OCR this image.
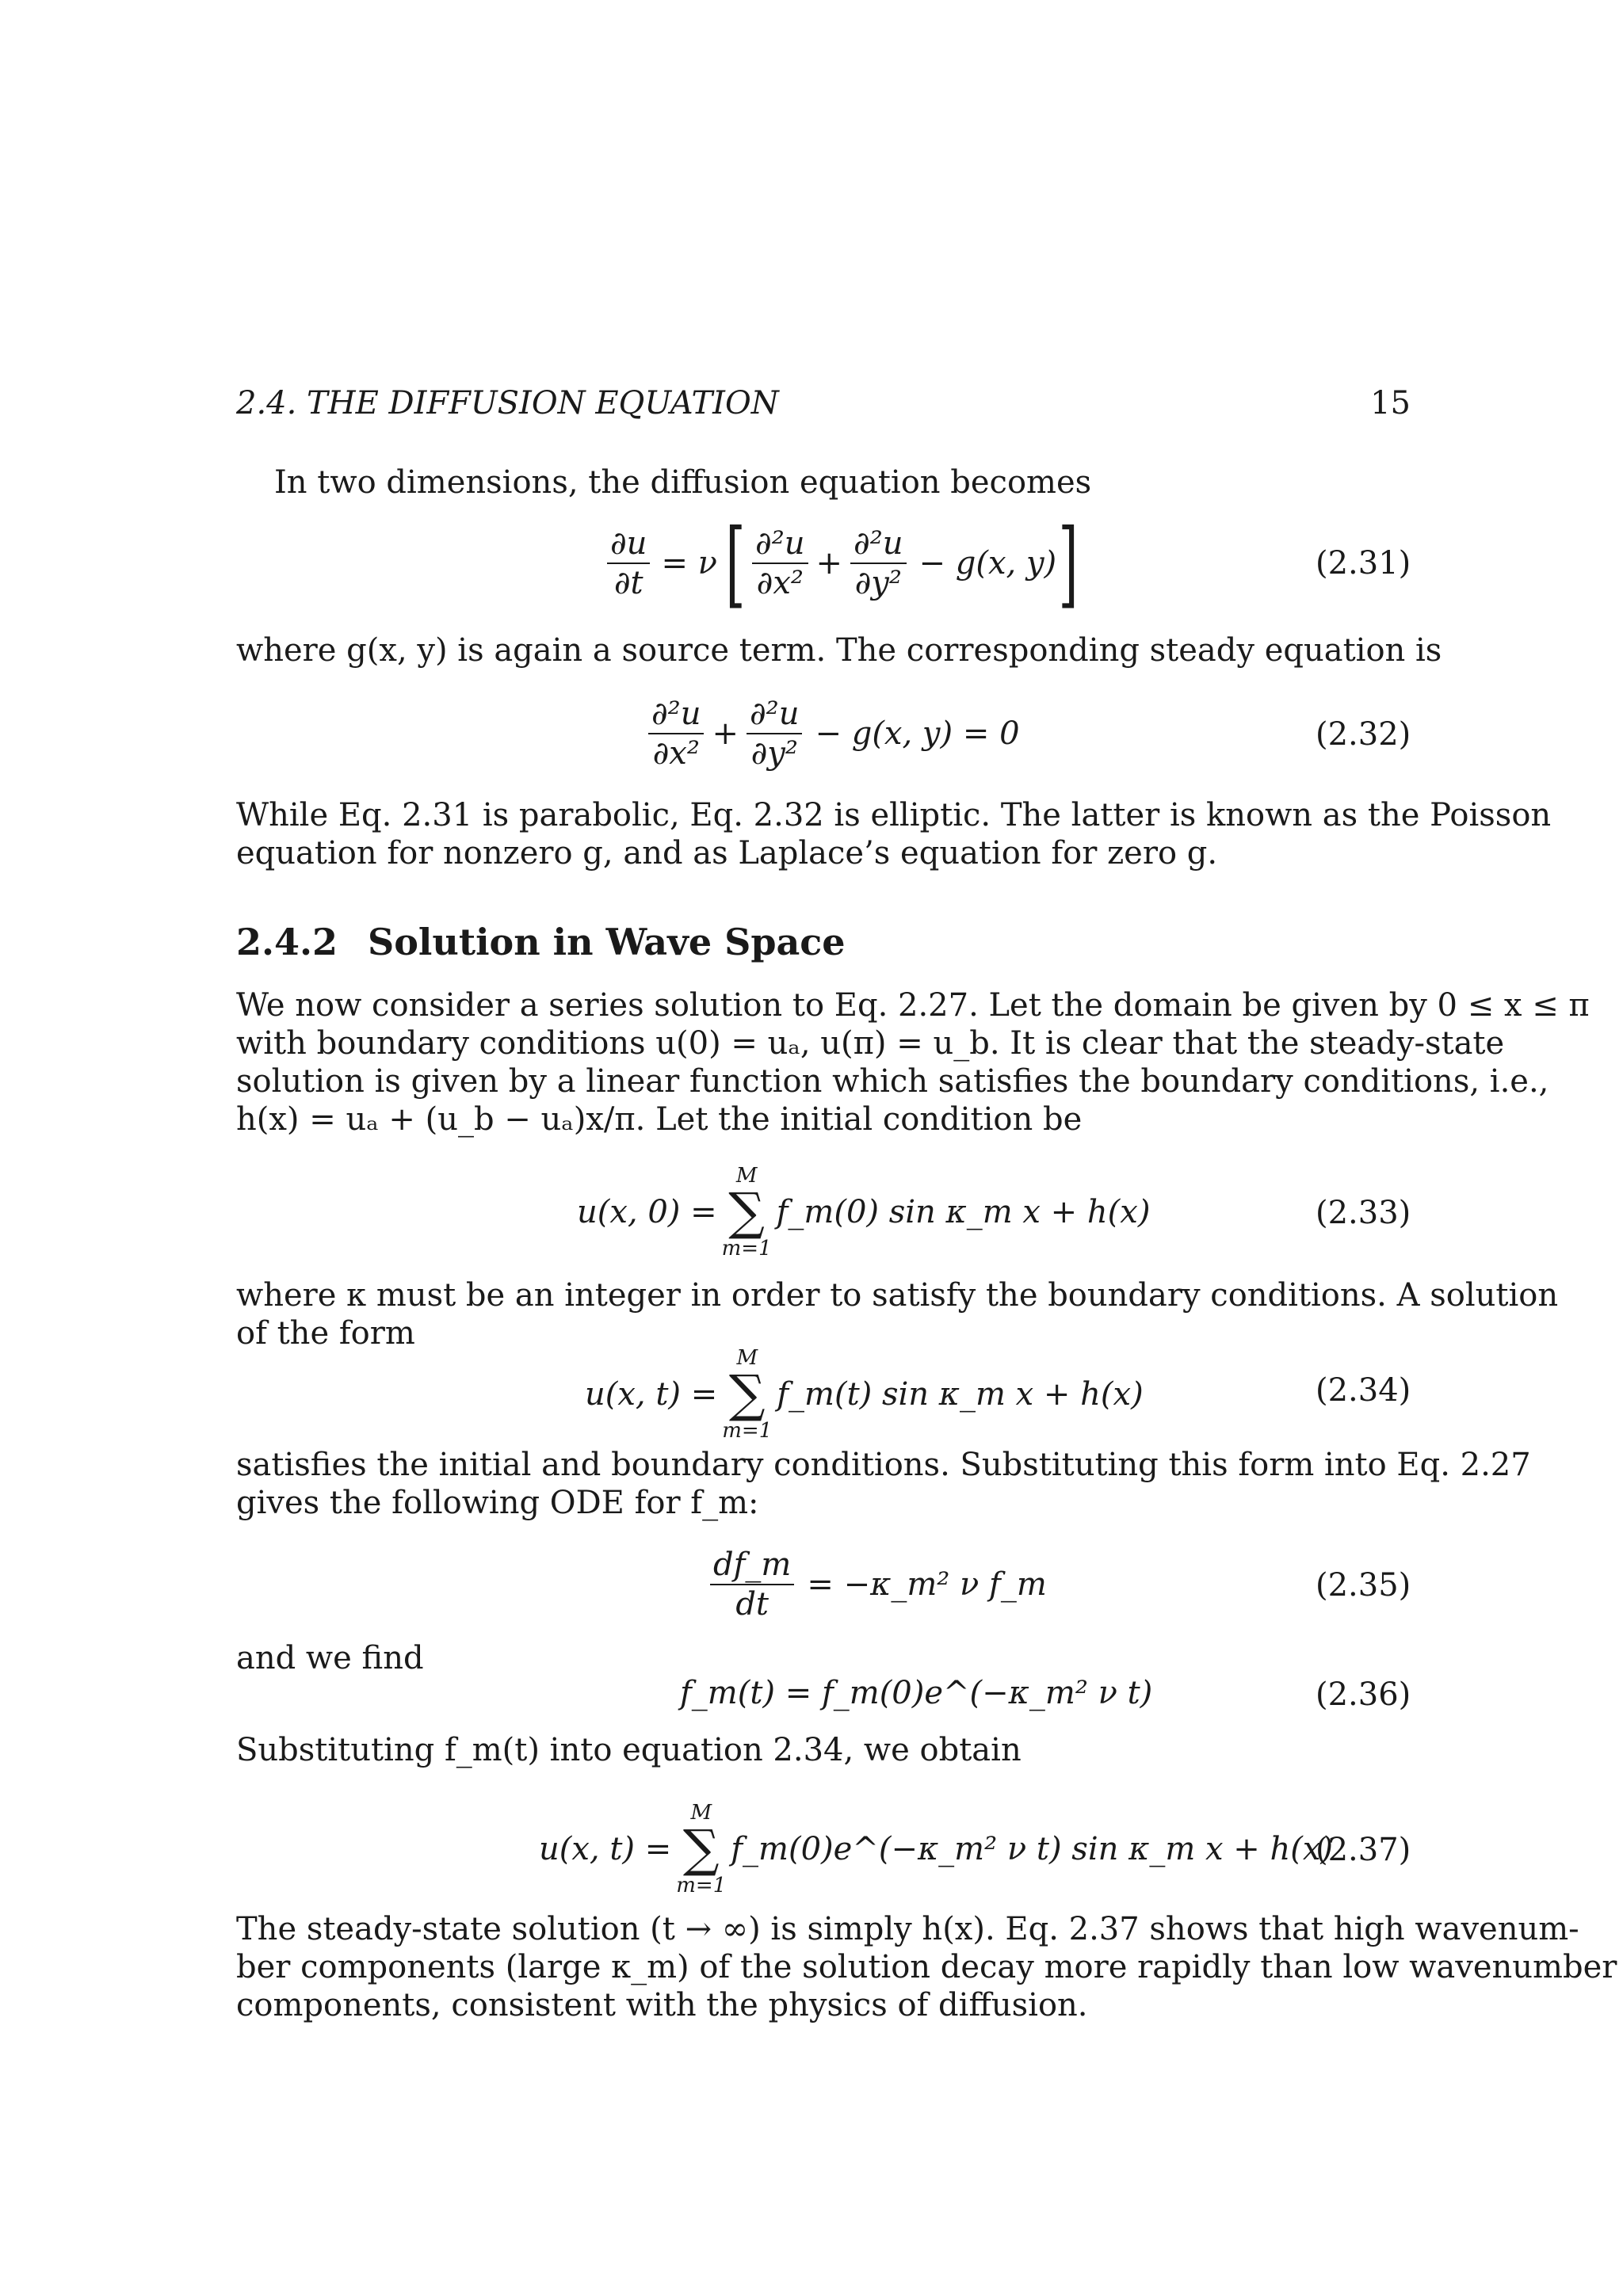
2.4. THE DIFFUSION EQUATION	15
In two dimensions, the diffusion equation becomes
$\frac{\partial u}{\partial t} = \nu$ [ $\frac{\text{∂²u}}{\text{∂x²}} + \frac{\text{∂²u}}{\text{∂y²}} - g(x$, y) ]	(2.31)
where g(x, y) is again a source term. The corresponding steady equation is
$\frac{\text{∂²u}}{\text{∂x²}} + \frac{\text{∂²u}}{\text{∂y²}} - g(x$, y) = 0	(2.32)
While Eq. 2.31 is parabolic, Eq. 2.32 is elliptic. The latter is known as the Poisson
equation for nonzero g, and as Laplace’s equation for zero g.
2.4.2 Solution in Wave Space
We now consider a series solution to Eq. 2.27. Let the domain be given by 0 ≤ x ≤ π
with boundary conditions u(0) = uₐ, u(π) = u_b. It is clear that the steady-state
solution is given by a linear function which satisfies the boundary conditions, i.e.,
h(x) = uₐ + (u_b − uₐ)x/π. Let the initial condition be
u(x, 0) =
M
∑
m=1
f_m(0) sin κ_m x + h(x)	(2.33)
where κ must be an integer in order to satisfy the boundary conditions. A solution
of the form
u(x, t) =
M
∑
m=1
f_m(t) sin κ_m x + h(x)	(2.34)
satisfies the initial and boundary conditions. Substituting this form into Eq. 2.27
gives the following ODE for f_m:
$\frac{df\_m}{dt}$ = −κ_m² ν f_m	(2.35)
and we find
f_m(t) = f_m(0)e^(−κ_m² ν t)	(2.36)
Substituting f_m(t) into equation 2.34, we obtain
u(x, t) =
M
∑
m=1
f_m(0)e^(−κ_m² ν t) sin κ_m x + h(x)
(2.37)
The steady-state solution (t → ∞) is simply h(x). Eq. 2.37 shows that high wavenum-
ber components (large κ_m) of the solution decay more rapidly than low wavenumber
components, consistent with the physics of diffusion.
